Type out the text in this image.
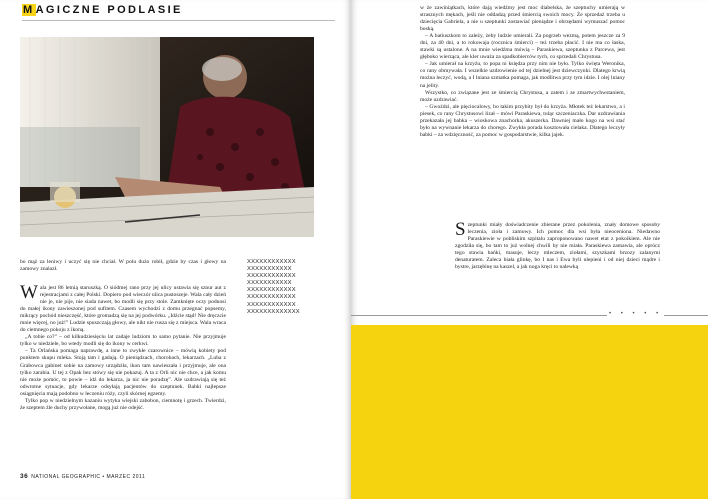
MAGICZNE PODLASIE

bo mąż za leniwy i uczyć się nie chciał. W polu dużo robił, gdzie by czas i głowy na zamowy znalazł.

Wala jest 86 letnią staruszką. O siódmej rano przy jej ulicy ustawia się sznur aut z rejestracjami z całej Polski. Dopiero pod wieczór ulica pustoszeje. Wala cały dzień nie je, nie pije, nie siada nawet, bo modli się przy stole. Zamknięte oczy podnosi do małej ikony zawieszonej pod sufitem. Czasem wychodzi z domu przegnać popsemy, mikrący pochód nieszczęść, które gromadzą się na jej podwórku. „Idźcie stąd! Nie dręczcie mnie więcej, no już!” Ludzie spuszczają głowy, ale nikt nie rusza się z miejsca. Wala wraca do ciemnego pokoju z ikoną.

„A tobie co?” – od kilkudziesięciu lat zadaje ludziom to samo pytanie. Nie przyjmuje tylko w niedziele, bo wtedy modli się do ikony w cerkwi.

– Ta Orlańska pomaga naprawdę, a inne to zwykłe czarownice – mówią kobiety pod punktem skupu mleka. Stoją tam i gadają. O pieniądzach, chorobach, lekarzach. „Luba z Grabowca gabinet sobie na zamowy urządziła, ikon tam nawieszała i przyjmuje, ale ona tylko zarabia. U tej z Opak bez stówy się nie pokazuj. A ta z Orli nic nie chce, a jak komu nie może pomóc, to powie – idź do lekarza, ja nic nie poradzę”. Ale uzdrawiają się też odwrotne sytuacje, gdy lekarze odsyłają pacjentów do szeptunek. Babki najlepsze osiągnięcia mają podobno w leczeniu róży, czyli skórnej egzemy.

Tylko pop w niedzielnym kazaniu wytyka wiejski zabobon, ciemnotę i grzech. Twierdzi, że szeptem źle duchy przywołane, mogą już nie odejść.

XXXXXXXXXXXX
XXXXXXXXXXX
XXXXXXXXXXXX
XXXXXXXXXXX
XXXXXXXXXXXX
XXXXXXXXXXXX
XXXXXXXXXXXX
XXXXXXXXXXXXX
36 NATIONAL GEOGRAPHIC • MARZEC 2011

w że zawiniątkach, które dają wiedźmy jest moc diabelska, że szeptuchy umierają w strasznych mękach, jeśli nie oddadzą przed śmiercią swoich mocy. Że sprzedaż trzeba u dziecięcia Gabriela, a nie u szeptunki zostawiać pieniądze i obrzędami wymuszać pomoc boską.

– A batiuszkom to zależy, żeby ludzie umierali. Za pogrzeb wezmą, potem jeszcze za 9 dni, za 40 dni, a to rokowaja (rocznica śmierci) – też trzeba płacić. I nie ma co łaska, stawki są ustalone. A na mnie wiedźma mówią – Paraskiewa, szeptunka z Parcewa, jest głęboko wierząca, ale kler uważa za spadkobierców tych, co sprzedali Chrystusa.

– Jak umierał na krzyżu, to popa ni księdza przy nim nie było. Tylko święta Weronika, co rany obmywała. I wszelkie uzdrowienie od tej dzielnej jest dziewczynki. Dlatego krwią można leczyć, wodą, a I lniana szmatka pomaga, jak modlitwa przy tym idzie. I olej lniany na jelity.

Wszystko, co związane jest ze śmiercią Chrystusa, a zatem i ze zmartwychwstaniem, może uzdrawiać.

– Gwoździ, ale pięciocalowy, bo takim przybity był do krzyża. Młotek też lekarstwo, a i piesek, co rany Chrystusowi lizał – mówi Paraskiewa, tuląc szczeniaczka. Dar uzdrawiania przekazała jej babka – wioskowa znachorka, akuszerka. Dawniej mało kogo na wsi stać było na wywnanie lekarza do chorego. Zwykła porada kosztowała cielaka. Dlatego leczyły babki – za wdzięczność, za pomoc w gospodarstwie, kilka jajek.

Szeptunki miały doświadczenie zbierane przez pokolenia, znały domowe sposoby leczenia, zioła i zamowy. Ich pomoc dla wsi była nieoceniona. Niedawno Paraskiewie w pobliskim szpitalu zaproponowano nawet etat z pokoikiem. Ale nie zgodziła się, bo tam to już wolnej chwili by nie miała. Paraskiewa zamawia, ale oprócz tego stawia bańki, masuje, leczy mleczem, ziołami, szyszkami brzozy zalanymi denaturatem. Zaleca biała glinkę, bo I nas i Ewa byli ulepieni i od niej dzieci mądre i bystre, jarzębinę na kaszel, a jak noga kręci to nalewką

• • • • •
